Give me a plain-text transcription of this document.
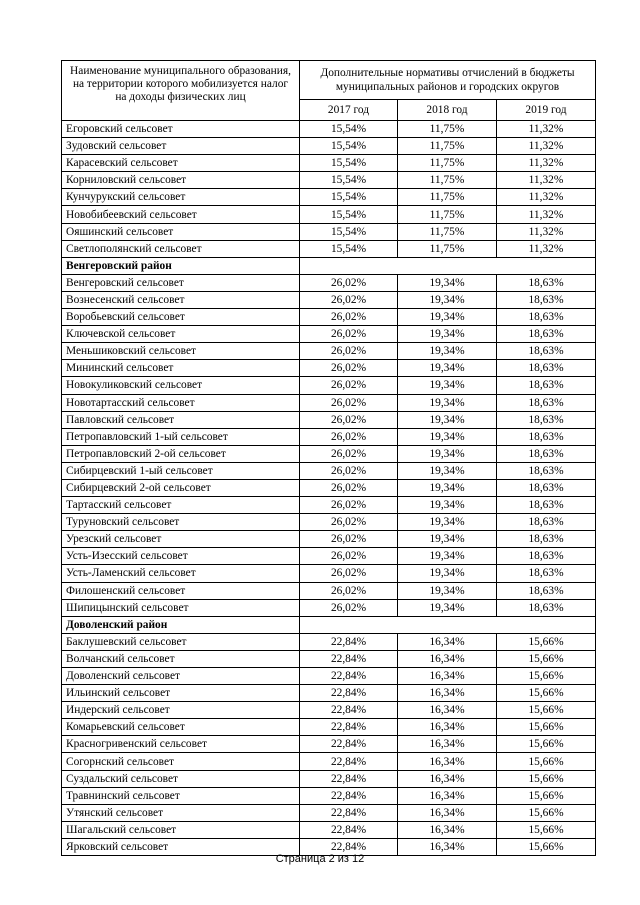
Наименование муниципального образования, на территории которого мобилизуется налог на доходы физических лиц	Дополнительные нормативы отчислений в бюджеты муниципальных районов и городских округов		
	2017 год	2018 год	2019 год
Егоровский сельсовет	15,54%	11,75%	11,32%
Зудовский сельсовет	15,54%	11,75%	11,32%
Карасевский сельсовет	15,54%	11,75%	11,32%
Корниловский сельсовет	15,54%	11,75%	11,32%
Кунчурукский сельсовет	15,54%	11,75%	11,32%
Новобибеевский сельсовет	15,54%	11,75%	11,32%
Ояшинский сельсовет	15,54%	11,75%	11,32%
Светлополянский сельсовет	15,54%	11,75%	11,32%
Венгеровский район			
Венгеровский сельсовет	26,02%	19,34%	18,63%
Вознесенский сельсовет	26,02%	19,34%	18,63%
Воробьевский сельсовет	26,02%	19,34%	18,63%
Ключевской сельсовет	26,02%	19,34%	18,63%
Меньшиковский сельсовет	26,02%	19,34%	18,63%
Мининский сельсовет	26,02%	19,34%	18,63%
Новокуликовский сельсовет	26,02%	19,34%	18,63%
Новотартасский сельсовет	26,02%	19,34%	18,63%
Павловский сельсовет	26,02%	19,34%	18,63%
Петропавловский 1-ый сельсовет	26,02%	19,34%	18,63%
Петропавловский 2-ой сельсовет	26,02%	19,34%	18,63%
Сибирцевский 1-ый сельсовет	26,02%	19,34%	18,63%
Сибирцевский 2-ой сельсовет	26,02%	19,34%	18,63%
Тартасский сельсовет	26,02%	19,34%	18,63%
Туруновский сельсовет	26,02%	19,34%	18,63%
Урезский сельсовет	26,02%	19,34%	18,63%
Усть-Изесский сельсовет	26,02%	19,34%	18,63%
Усть-Ламенский сельсовет	26,02%	19,34%	18,63%
Филошенский сельсовет	26,02%	19,34%	18,63%
Шипицынский сельсовет	26,02%	19,34%	18,63%
Доволенский район			
Баклушевский сельсовет	22,84%	16,34%	15,66%
Волчанский сельсовет	22,84%	16,34%	15,66%
Доволенский сельсовет	22,84%	16,34%	15,66%
Ильинский сельсовет	22,84%	16,34%	15,66%
Индерский сельсовет	22,84%	16,34%	15,66%
Комарьевский сельсовет	22,84%	16,34%	15,66%
Красногривенский сельсовет	22,84%	16,34%	15,66%
Согорнский сельсовет	22,84%	16,34%	15,66%
Суздальский сельсовет	22,84%	16,34%	15,66%
Травнинский сельсовет	22,84%	16,34%	15,66%
Утянский сельсовет	22,84%	16,34%	15,66%
Шагальский сельсовет	22,84%	16,34%	15,66%
Ярковский сельсовет	22,84%	16,34%	15,66%
Страница 2 из 12
